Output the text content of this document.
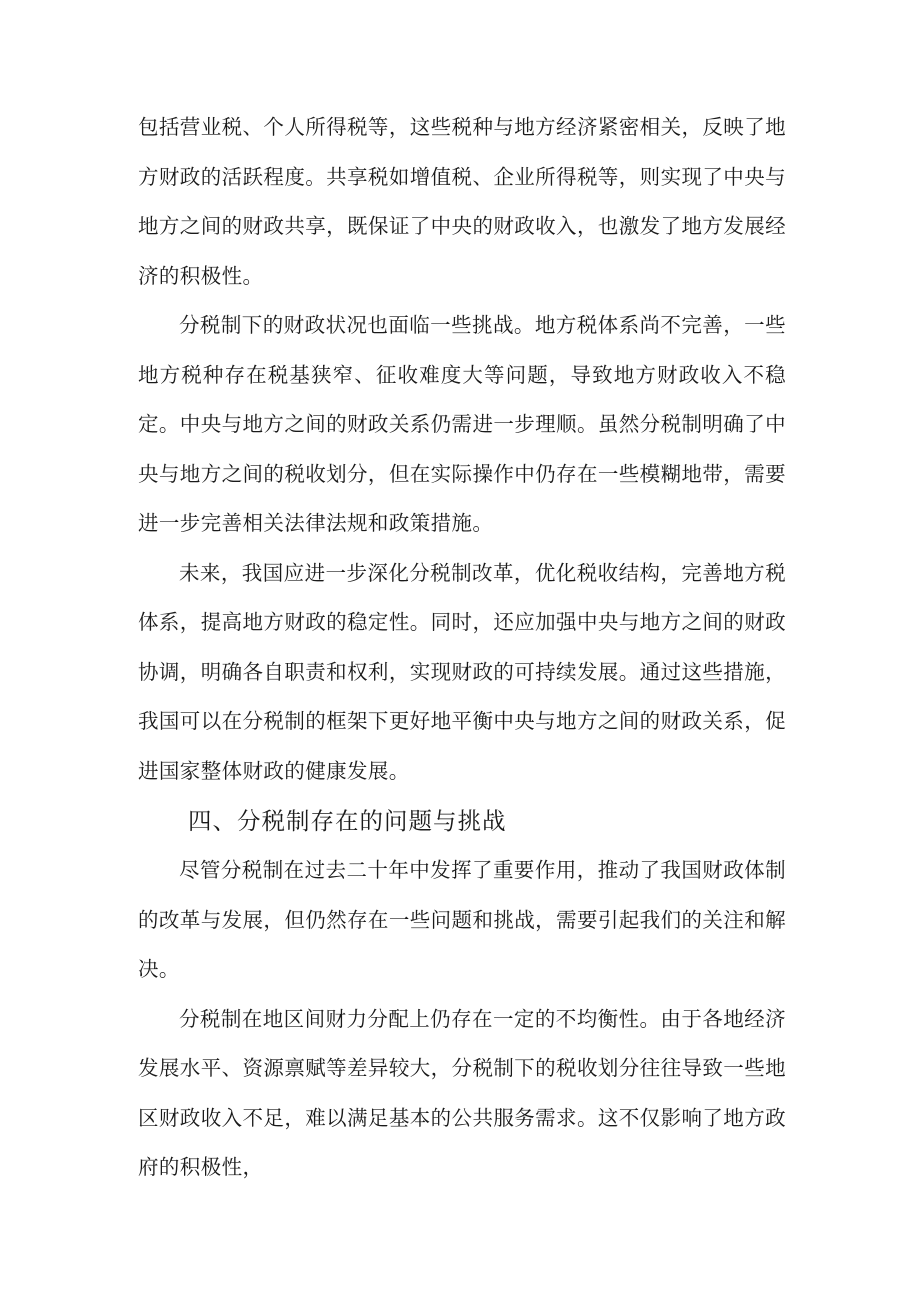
包括营业税、个人所得税等，这些税种与地方经济紧密相关，反映了地方财政的活跃程度。共享税如增值税、企业所得税等，则实现了中央与地方之间的财政共享，既保证了中央的财政收入，也激发了地方发展经济的积极性。

分税制下的财政状况也面临一些挑战。地方税体系尚不完善，一些地方税种存在税基狭窄、征收难度大等问题，导致地方财政收入不稳定。中央与地方之间的财政关系仍需进一步理顺。虽然分税制明确了中央与地方之间的税收划分，但在实际操作中仍存在一些模糊地带，需要进一步完善相关法律法规和政策措施。

未来，我国应进一步深化分税制改革，优化税收结构，完善地方税体系，提高地方财政的稳定性。同时，还应加强中央与地方之间的财政协调，明确各自职责和权利，实现财政的可持续发展。通过这些措施，我国可以在分税制的框架下更好地平衡中央与地方之间的财政关系，促进国家整体财政的健康发展。

四、分税制存在的问题与挑战

尽管分税制在过去二十年中发挥了重要作用，推动了我国财政体制的改革与发展，但仍然存在一些问题和挑战，需要引起我们的关注和解决。

分税制在地区间财力分配上仍存在一定的不均衡性。由于各地经济发展水平、资源禀赋等差异较大，分税制下的税收划分往往导致一些地区财政收入不足，难以满足基本的公共服务需求。这不仅影响了地方政府的积极性，
